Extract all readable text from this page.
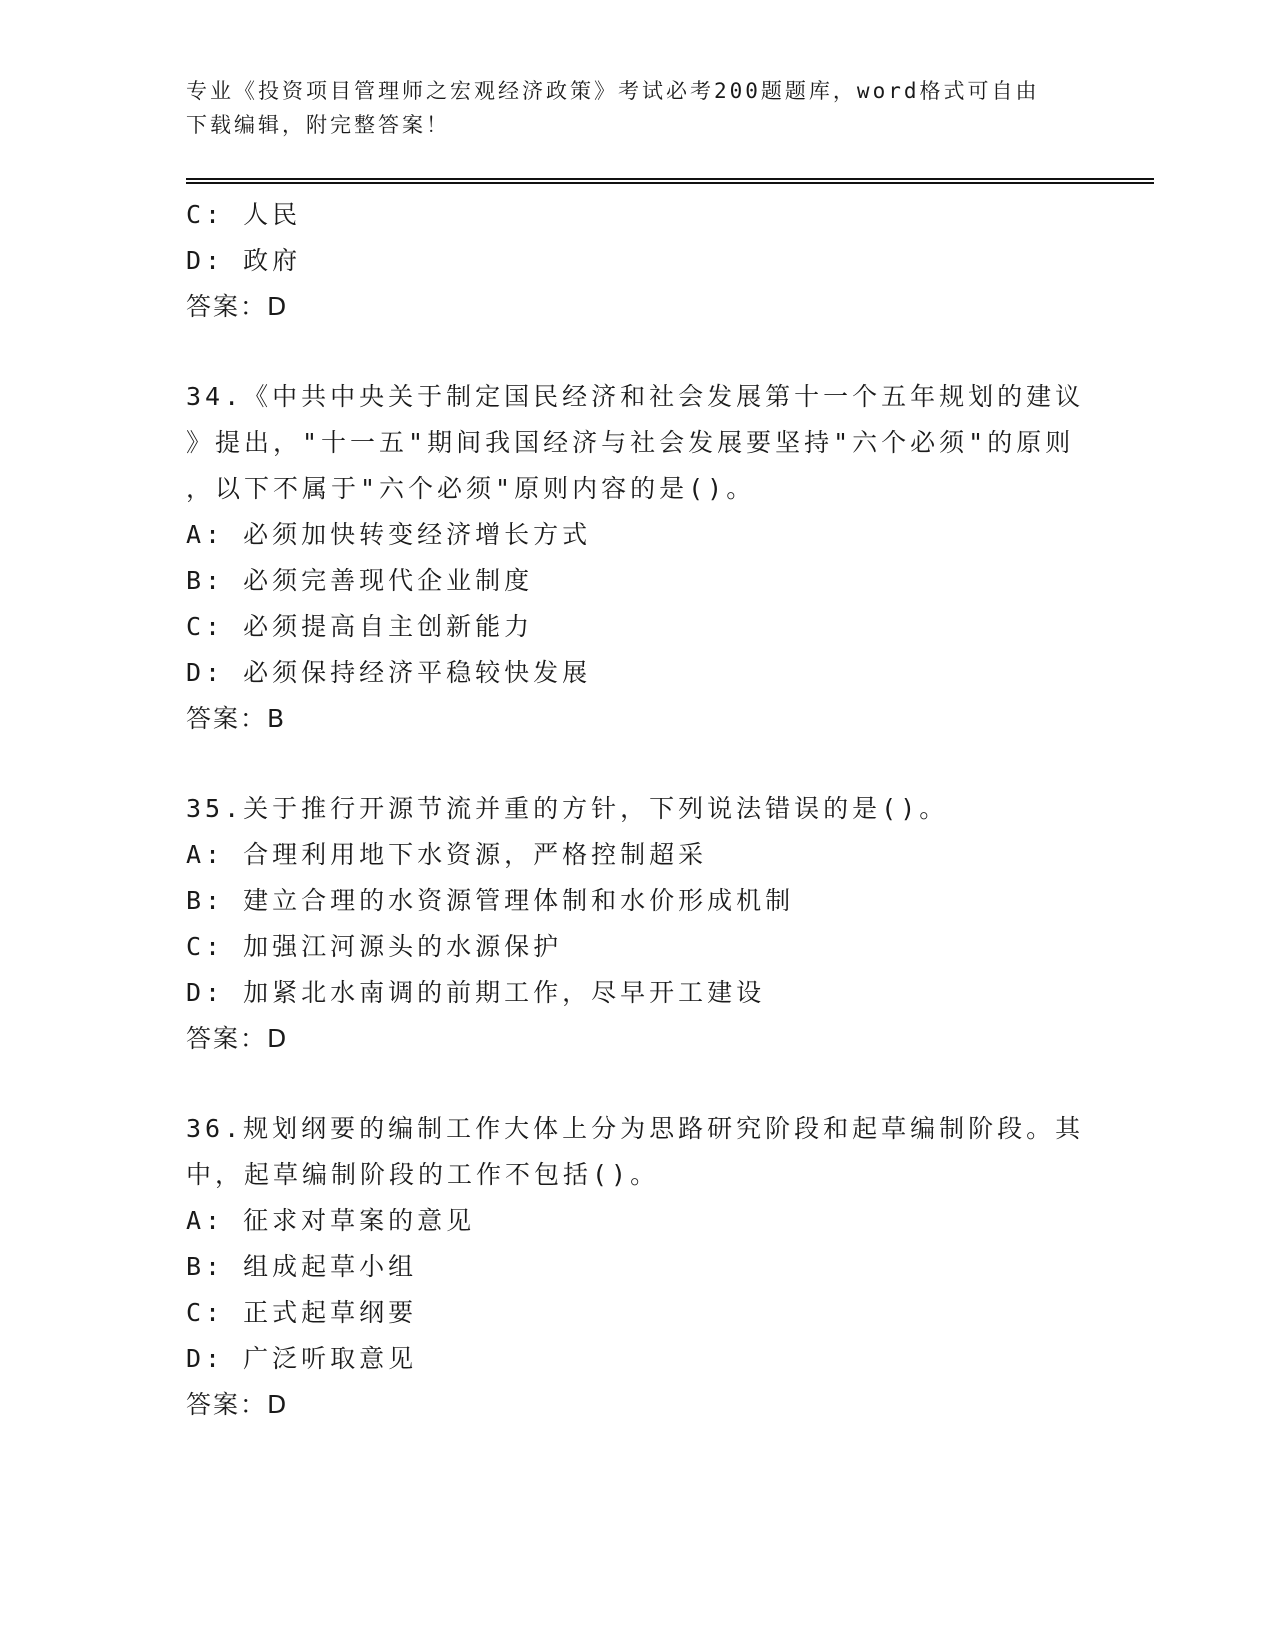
专业《投资项目管理师之宏观经济政策》考试必考200题题库，word格式可自由
下载编辑，附完整答案！
C: 人民
D: 政府
答案：D
34.《中共中央关于制定国民经济和社会发展第十一个五年规划的建议
》提出，"十一五"期间我国经济与社会发展要坚持"六个必须"的原则
，以下不属于"六个必须"原则内容的是()。
A: 必须加快转变经济增长方式
B: 必须完善现代企业制度
C: 必须提高自主创新能力
D: 必须保持经济平稳较快发展
答案：B
35.关于推行开源节流并重的方针，下列说法错误的是()。
A: 合理利用地下水资源，严格控制超采
B: 建立合理的水资源管理体制和水价形成机制
C: 加强江河源头的水源保护
D: 加紧北水南调的前期工作，尽早开工建设
答案：D
36.规划纲要的编制工作大体上分为思路研究阶段和起草编制阶段。其
中，起草编制阶段的工作不包括()。
A: 征求对草案的意见
B: 组成起草小组
C: 正式起草纲要
D: 广泛听取意见
答案：D
